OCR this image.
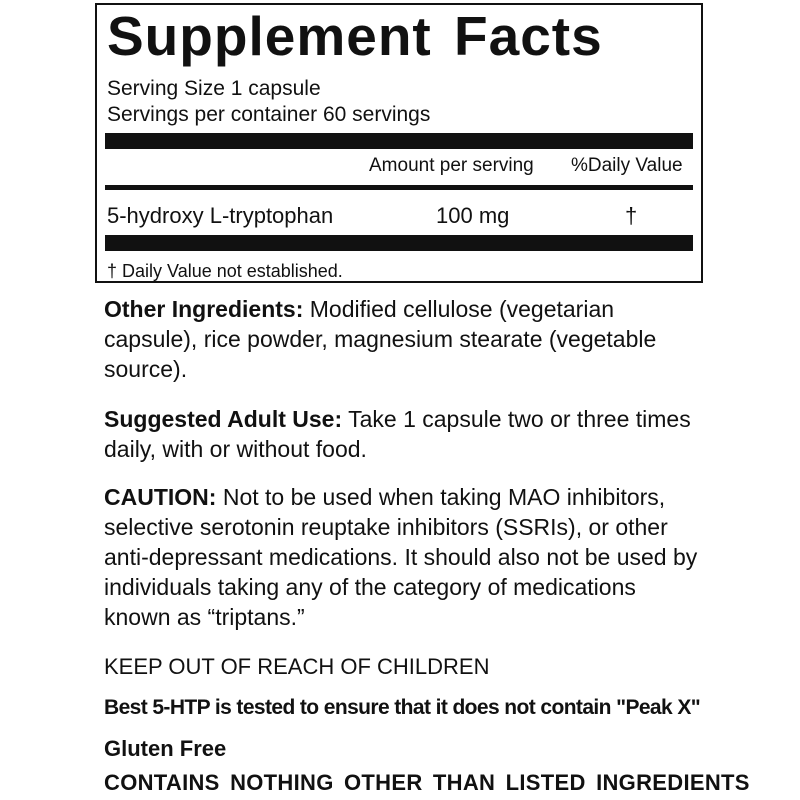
Supplement Facts
Serving Size 1 capsule
Servings per container 60 servings
Amount per serving %Daily Value
5-hydroxy L-tryptophan	100 mg	†
† Daily Value not established.
Other Ingredients: Modified cellulose (vegetarian capsule), rice powder, magnesium stearate (vegetable source).
Suggested Adult Use: Take 1 capsule two or three times daily, with or without food.
CAUTION: Not to be used when taking MAO inhibitors, selective serotonin reuptake inhibitors (SSRIs), or other anti-depressant medications. It should also not be used by individuals taking any of the category of medications known as “triptans.”
KEEP OUT OF REACH OF CHILDREN
Best 5-HTP is tested to ensure that it does not contain "Peak X"
Gluten Free
CONTAINS NOTHING OTHER THAN LISTED INGREDIENTS
